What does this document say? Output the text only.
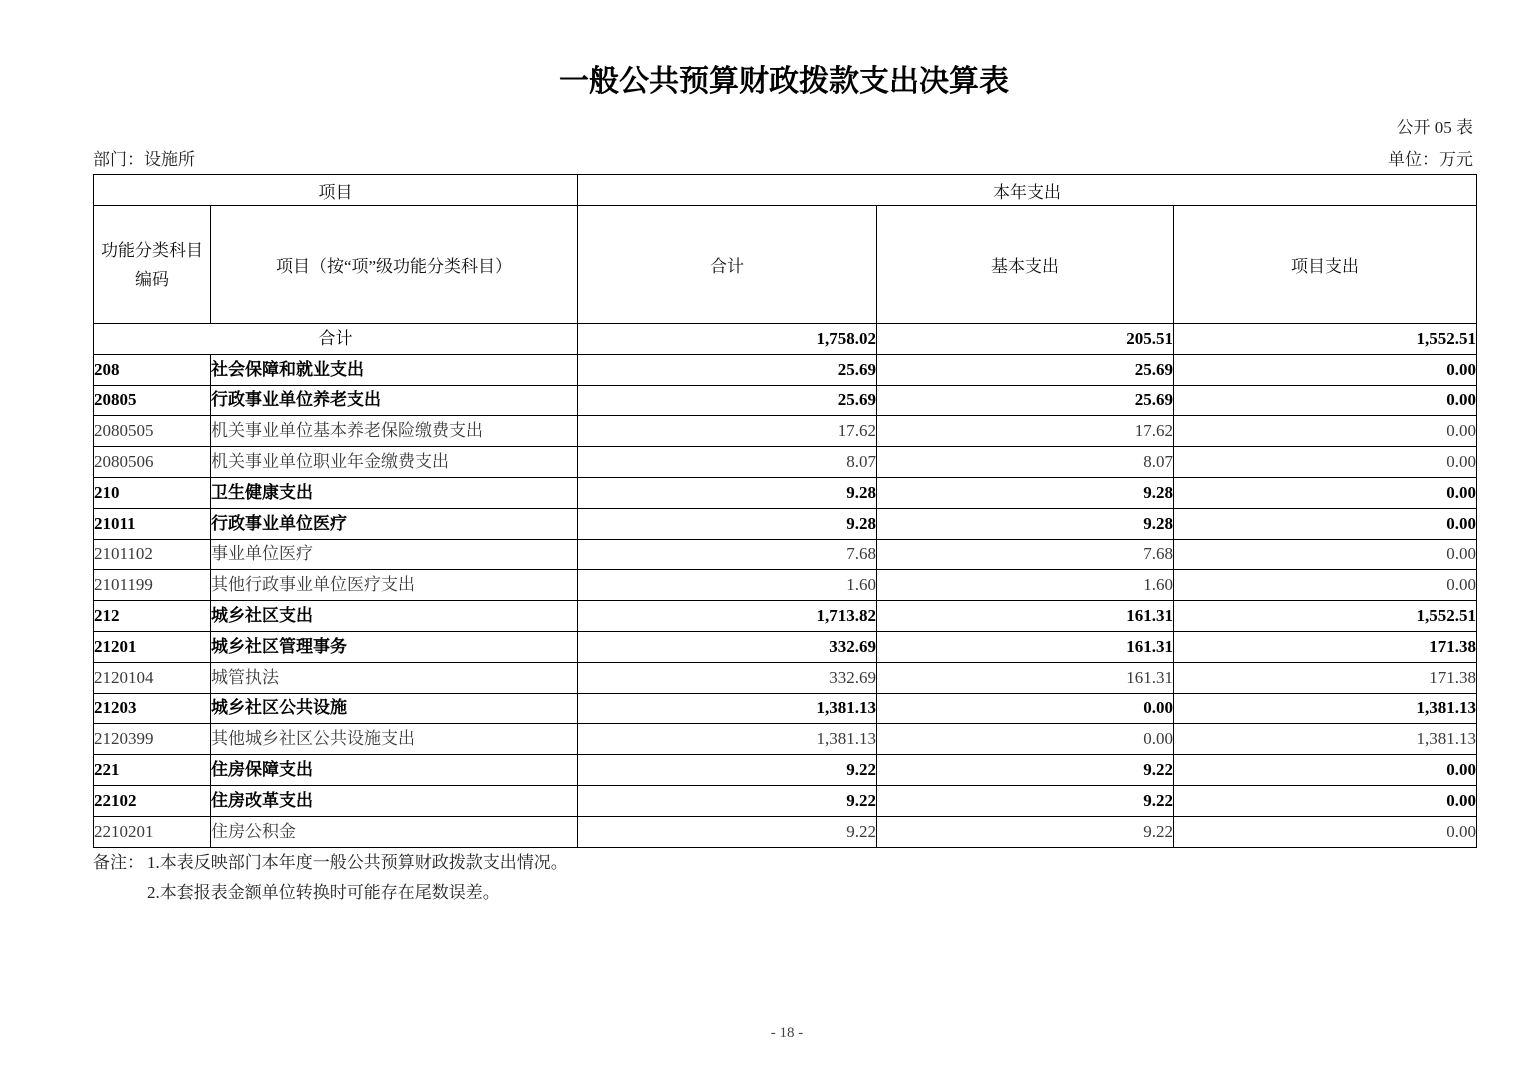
一般公共预算财政拨款支出决算表
公开 05 表
部门：设施所	单位：万元
项目		本年支出		
功能分类科目编码	项目（按“项”级功能分类科目）	合计	基本支出	项目支出
合计		1,758.02	205.51	1,552.51
208	社会保障和就业支出	25.69	25.69	0.00
20805	行政事业单位养老支出	25.69	25.69	0.00
2080505	机关事业单位基本养老保险缴费支出	17.62	17.62	0.00
2080506	机关事业单位职业年金缴费支出	8.07	8.07	0.00
210	卫生健康支出	9.28	9.28	0.00
21011	行政事业单位医疗	9.28	9.28	0.00
2101102	事业单位医疗	7.68	7.68	0.00
2101199	其他行政事业单位医疗支出	1.60	1.60	0.00
212	城乡社区支出	1,713.82	161.31	1,552.51
21201	城乡社区管理事务	332.69	161.31	171.38
2120104	城管执法	332.69	161.31	171.38
21203	城乡社区公共设施	1,381.13	0.00	1,381.13
2120399	其他城乡社区公共设施支出	1,381.13	0.00	1,381.13
221	住房保障支出	9.22	9.22	0.00
22102	住房改革支出	9.22	9.22	0.00
2210201	住房公积金	9.22	9.22	0.00
备注： 1.本表反映部门本年度一般公共预算财政拨款支出情况。
2.本套报表金额单位转换时可能存在尾数误差。
- 18 -
